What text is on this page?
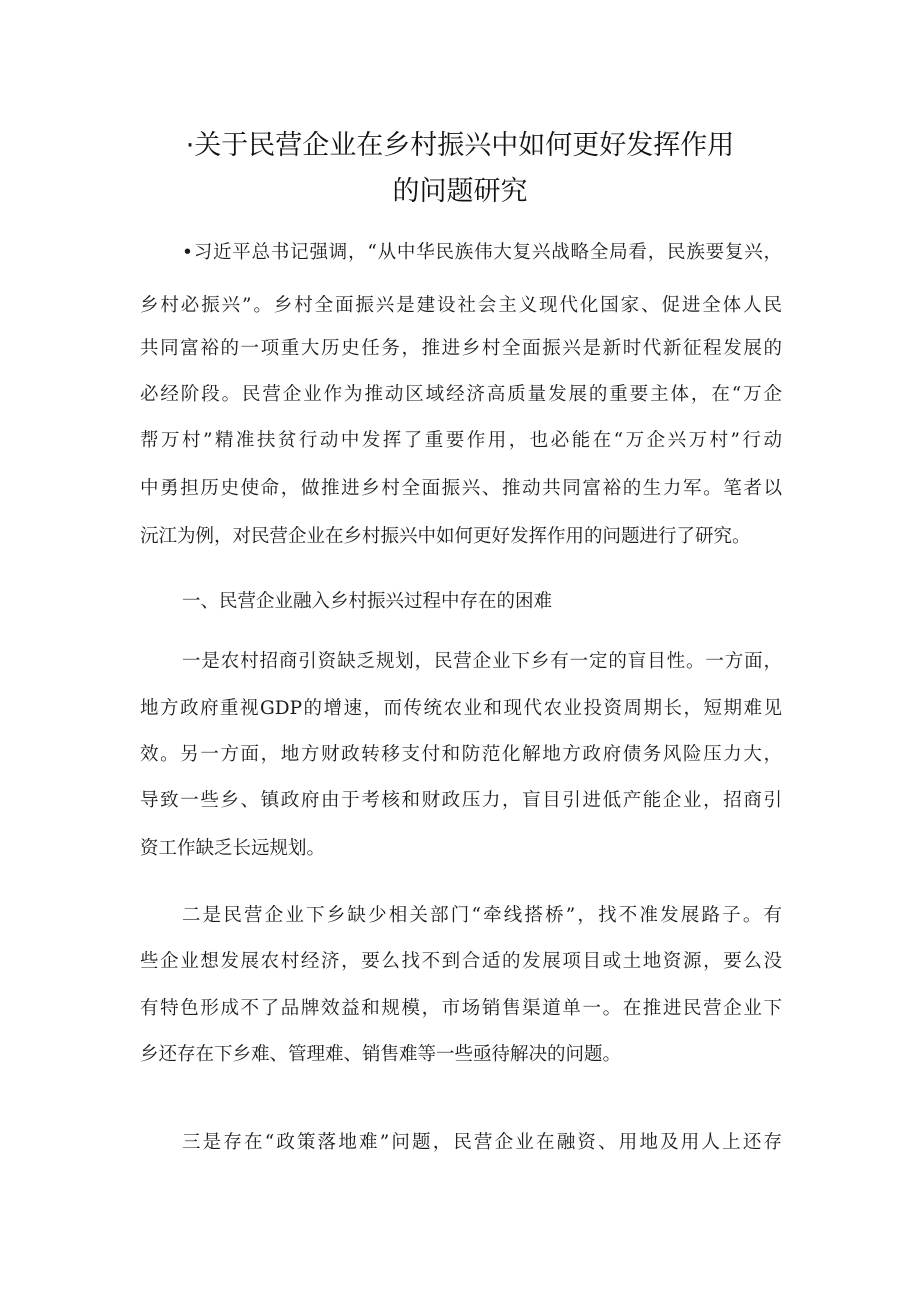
·关于民营企业在乡村振兴中如何更好发挥作用
的问题研究
•习近平总书记强调，“从中华民族伟大复兴战略全局看，民族要复兴，
乡村必振兴”。乡村全面振兴是建设社会主义现代化国家、促进全体人民
共同富裕的一项重大历史任务，推进乡村全面振兴是新时代新征程发展的
必经阶段。民营企业作为推动区域经济高质量发展的重要主体，在“万企
帮万村”精准扶贫行动中发挥了重要作用，也必能在“万企兴万村”行动
中勇担历史使命，做推进乡村全面振兴、推动共同富裕的生力军。笔者以
沅江为例，对民营企业在乡村振兴中如何更好发挥作用的问题进行了研究。
一、民营企业融入乡村振兴过程中存在的困难
一是农村招商引资缺乏规划，民营企业下乡有一定的盲目性。一方面，
地方政府重视GDP的增速，而传统农业和现代农业投资周期长，短期难见
效。另一方面，地方财政转移支付和防范化解地方政府债务风险压力大，
导致一些乡、镇政府由于考核和财政压力，盲目引进低产能企业，招商引
资工作缺乏长远规划。
二是民营企业下乡缺少相关部门“牵线搭桥”，找不准发展路子。有
些企业想发展农村经济，要么找不到合适的发展项目或土地资源，要么没
有特色形成不了品牌效益和规模，市场销售渠道单一。在推进民营企业下
乡还存在下乡难、管理难、销售难等一些亟待解决的问题。
三是存在“政策落地难”问题，民营企业在融资、用地及用人上还存
